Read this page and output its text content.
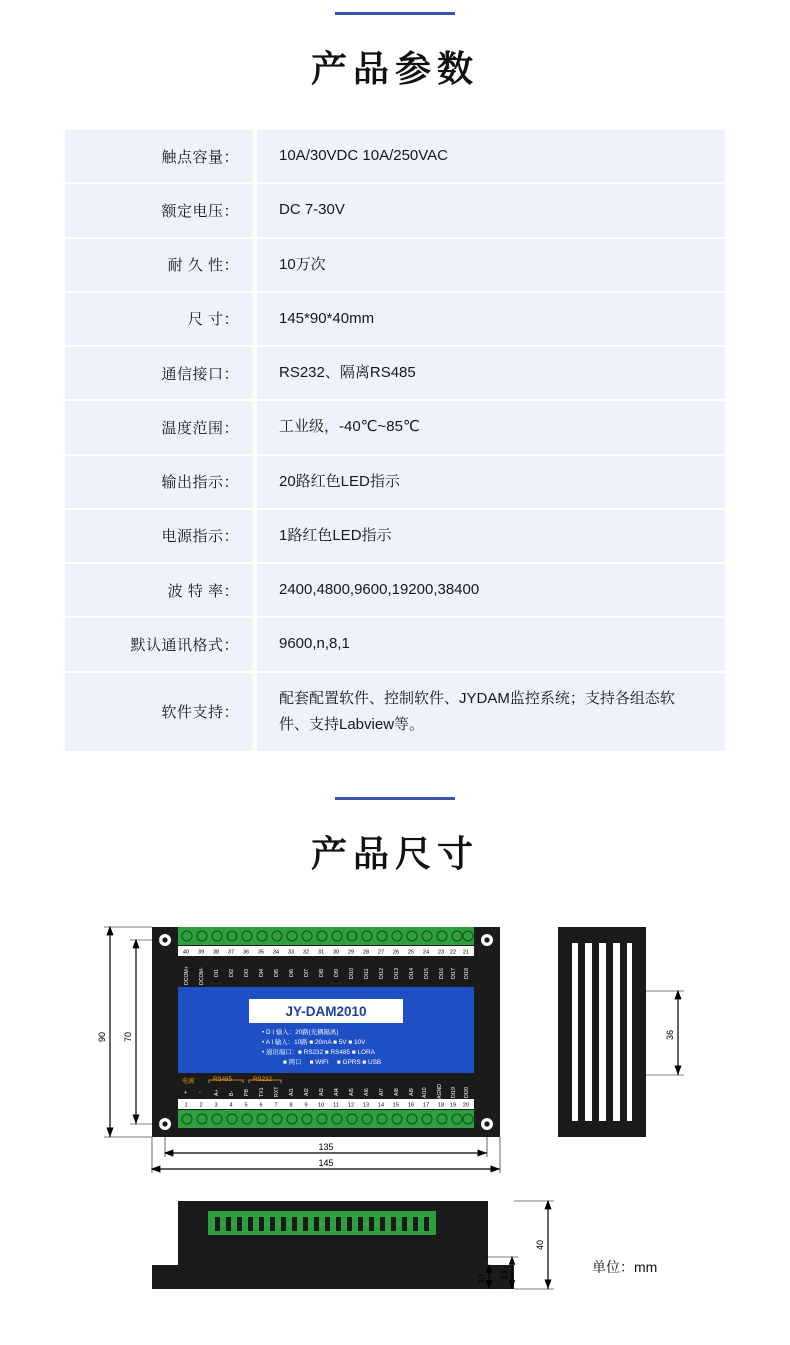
产品参数
触点容量：		10A/30VDC 10A/250VAC
额定电压：		DC 7-30V
耐 久 性：		10万次
尺 寸：		145*90*40mm
通信接口：		RS232、隔离RS485
温度范围：		工业级，-40℃~85℃
输出指示：		20路红色LED指示
电源指示：		1路红色LED指示
波 特 率：		2400,4800,9600,19200,38400
默认通讯格式：		9600,n,8,1
软件支持：		配套配置软件、控制软件、JYDAM监控系统；支持各组态软件、支持Labview等。
产品尺寸
40 39 38 37 36 35 34 33 32 31 30 29 28 27 26 25 24 23 22 21
DCOM+ DCOM- DI1 DI2 DI3 DI4 DI5 DI6 DI7 DI8 DI9 DI10 DI11 DI12 DI13 DI14 DI15 DI16 DI17 DI18
JY-DAM2010
• D I 输入：20路(光耦隔离)
• A I 输入：10路 ■ 20mA ■ 5V ■ 10V
• 通讯端口：■ RS232 ■ RS485 ■ LORA
■ 网口　 ■ WIFI 　■ GPRS ■ USB
电源	RS485	RS232
+ -	A+ B- PB TX1 RXT AI1 AI2 AI3 AI4 AI5 AI6 AI7 AI8 AI9 AI10 AGND DI19 DI20
1 2 3 4 5 6 7 8 9 10 11 12 13 14 15 16 17 18 19 20
90 70
135
145
36
40
13
10
单位：mm
